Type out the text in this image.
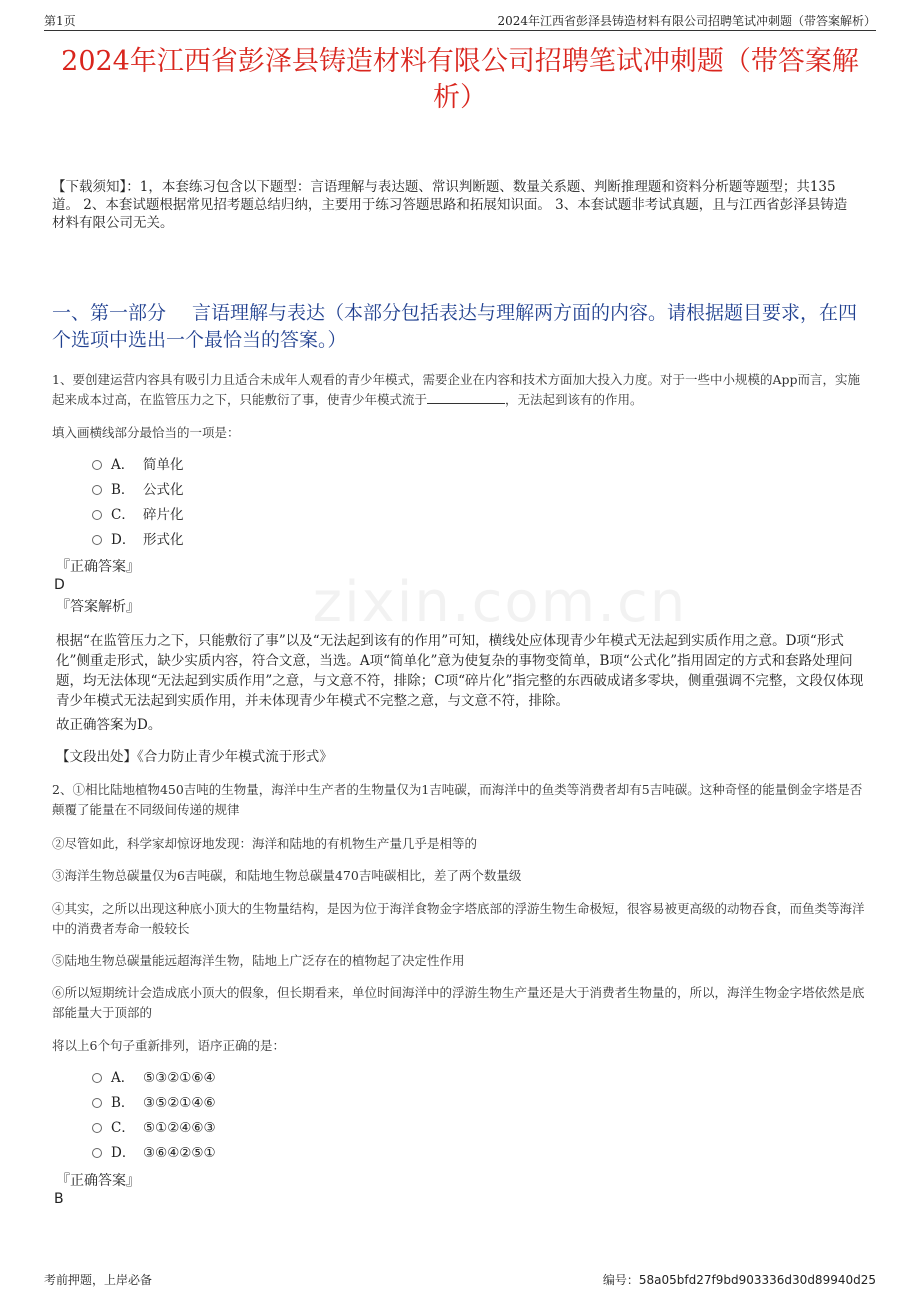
第1页	2024年江西省彭泽县铸造材料有限公司招聘笔试冲刺题（带答案解析）
2024年江西省彭泽县铸造材料有限公司招聘笔试冲刺题（带答案解析）
【下载须知】：1，本套练习包含以下题型：言语理解与表达题、常识判断题、数量关系题、判断推理题和资料分析题等题型；共135道。 2、本套试题根据常见招考题总结归纳，主要用于练习答题思路和拓展知识面。 3、本套试题非考试真题，且与江西省彭泽县铸造材料有限公司无关。
一、第一部分 言语理解与表达（本部分包括表达与理解两方面的内容。请根据题目要求，在四个选项中选出一个最恰当的答案。）
zixin.com.cn
1、要创建运营内容具有吸引力且适合未成年人观看的青少年模式，需要企业在内容和技术方面加大投入力度。对于一些中小规模的App而言，实施起来成本过高，在监管压力之下，只能敷衍了事，使青少年模式流于	，无法起到该有的作用。
填入画横线部分最恰当的一项是：
A． 简单化
B． 公式化
C． 碎片化
D． 形式化
『正确答案』
D
『答案解析』
根据“在监管压力之下，只能敷衍了事”以及“无法起到该有的作用”可知，横线处应体现青少年模式无法起到实质作用之意。D项“形式化”侧重走形式，缺少实质内容，符合文意，当选。A项“简单化”意为使复杂的事物变简单，B项“公式化”指用固定的方式和套路处理问题，均无法体现“无法起到实质作用”之意，与文意不符，排除；C项“碎片化”指完整的东西破成诸多零块，侧重强调不完整，文段仅体现青少年模式无法起到实质作用，并未体现青少年模式不完整之意，与文意不符，排除。
故正确答案为D。
【文段出处】《合力防止青少年模式流于形式》
2、①相比陆地植物450吉吨的生物量，海洋中生产者的生物量仅为1吉吨碳，而海洋中的鱼类等消费者却有5吉吨碳。这种奇怪的能量倒金字塔是否颠覆了能量在不同级间传递的规律
②尽管如此，科学家却惊讶地发现：海洋和陆地的有机物生产量几乎是相等的
③海洋生物总碳量仅为6吉吨碳，和陆地生物总碳量470吉吨碳相比，差了两个数量级
④其实，之所以出现这种底小顶大的生物量结构，是因为位于海洋食物金字塔底部的浮游生物生命极短，很容易被更高级的动物吞食，而鱼类等海洋中的消费者寿命一般较长
⑤陆地生物总碳量能远超海洋生物，陆地上广泛存在的植物起了决定性作用
⑥所以短期统计会造成底小顶大的假象，但长期看来，单位时间海洋中的浮游生物生产量还是大于消费者生物量的，所以，海洋生物金字塔依然是底部能量大于顶部的
将以上6个句子重新排列，语序正确的是：
A． ⑤③②①⑥④
B． ③⑤②①④⑥
C． ⑤①②④⑥③
D． ③⑥④②⑤①
『正确答案』
B
考前押题，上岸必备	编号：58a05bfd27f9bd903336d30d89940d25
